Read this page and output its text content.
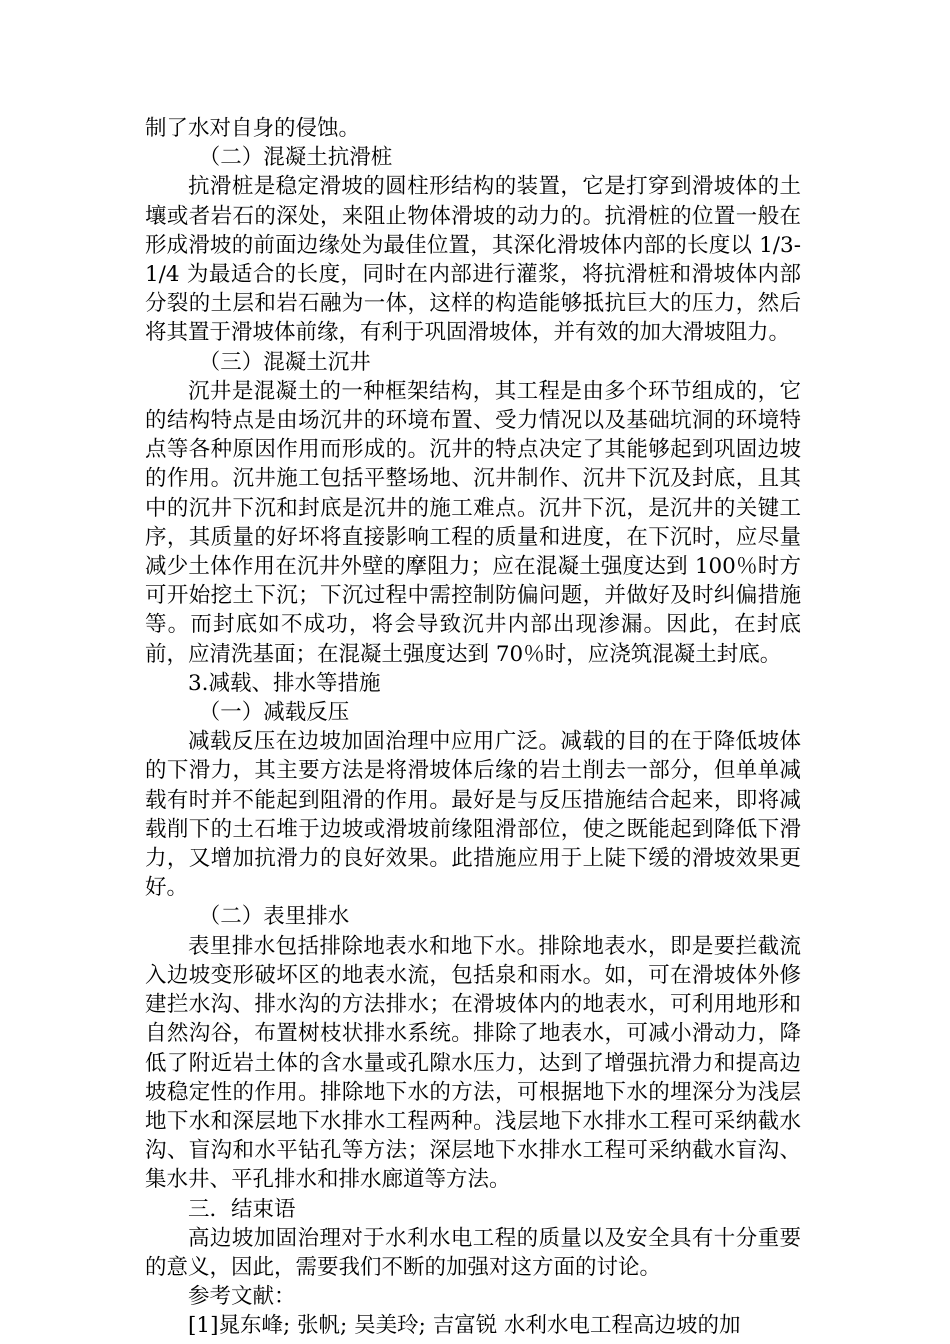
制了水对自身的侵蚀。

（二）混凝土抗滑桩

抗滑桩是稳定滑坡的圆柱形结构的装置，它是打穿到滑坡体的土壤或者岩石的深处，来阻止物体滑坡的动力的。抗滑桩的位置一般在形成滑坡的前面边缘处为最佳位置，其深化滑坡体内部的长度以 1/3-1/4 为最适合的长度，同时在内部进行灌浆，将抗滑桩和滑坡体内部分裂的土层和岩石融为一体，这样的构造能够抵抗巨大的压力，然后将其置于滑坡体前缘，有利于巩固滑坡体，并有效的加大滑坡阻力。

（三）混凝土沉井

沉井是混凝土的一种框架结构，其工程是由多个环节组成的，它的结构特点是由场沉井的环境布置、受力情况以及基础坑洞的环境特点等各种原因作用而形成的。沉井的特点决定了其能够起到巩固边坡的作用。沉井施工包括平整场地、沉井制作、沉井下沉及封底，且其中的沉井下沉和封底是沉井的施工难点。沉井下沉，是沉井的关键工序，其质量的好坏将直接影响工程的质量和进度，在下沉时，应尽量减少土体作用在沉井外壁的摩阻力；应在混凝土强度达到 100％时方可开始挖土下沉；下沉过程中需控制防偏问题，并做好及时纠偏措施等。而封底如不成功，将会导致沉井内部出现渗漏。因此，在封底前，应清洗基面；在混凝土强度达到 70％时，应浇筑混凝土封底。

3.减载、排水等措施

（一）减载反压

减载反压在边坡加固治理中应用广泛。减载的目的在于降低坡体的下滑力，其主要方法是将滑坡体后缘的岩土削去一部分，但单单减载有时并不能起到阻滑的作用。最好是与反压措施结合起来，即将减载削下的土石堆于边坡或滑坡前缘阻滑部位，使之既能起到降低下滑力，又增加抗滑力的良好效果。此措施应用于上陡下缓的滑坡效果更好。

（二）表里排水

表里排水包括排除地表水和地下水。排除地表水，即是要拦截流入边坡变形破坏区的地表水流，包括泉和雨水。如，可在滑坡体外修建拦水沟、排水沟的方法排水；在滑坡体内的地表水，可利用地形和自然沟谷，布置树枝状排水系统。排除了地表水，可减小滑动力，降低了附近岩土体的含水量或孔隙水压力，达到了增强抗滑力和提高边坡稳定性的作用。排除地下水的方法，可根据地下水的埋深分为浅层地下水和深层地下水排水工程两种。浅层地下水排水工程可采纳截水沟、盲沟和水平钻孔等方法；深层地下水排水工程可采纳截水盲沟、集水井、平孔排水和排水廊道等方法。

三．结束语

高边坡加固治理对于水利水电工程的质量以及安全具有十分重要的意义，因此，需要我们不断的加强对这方面的讨论。

参考文献：

[1]晁东峰; 张帆; 吴美玲; 吉富锐 水利水电工程高边坡的加
